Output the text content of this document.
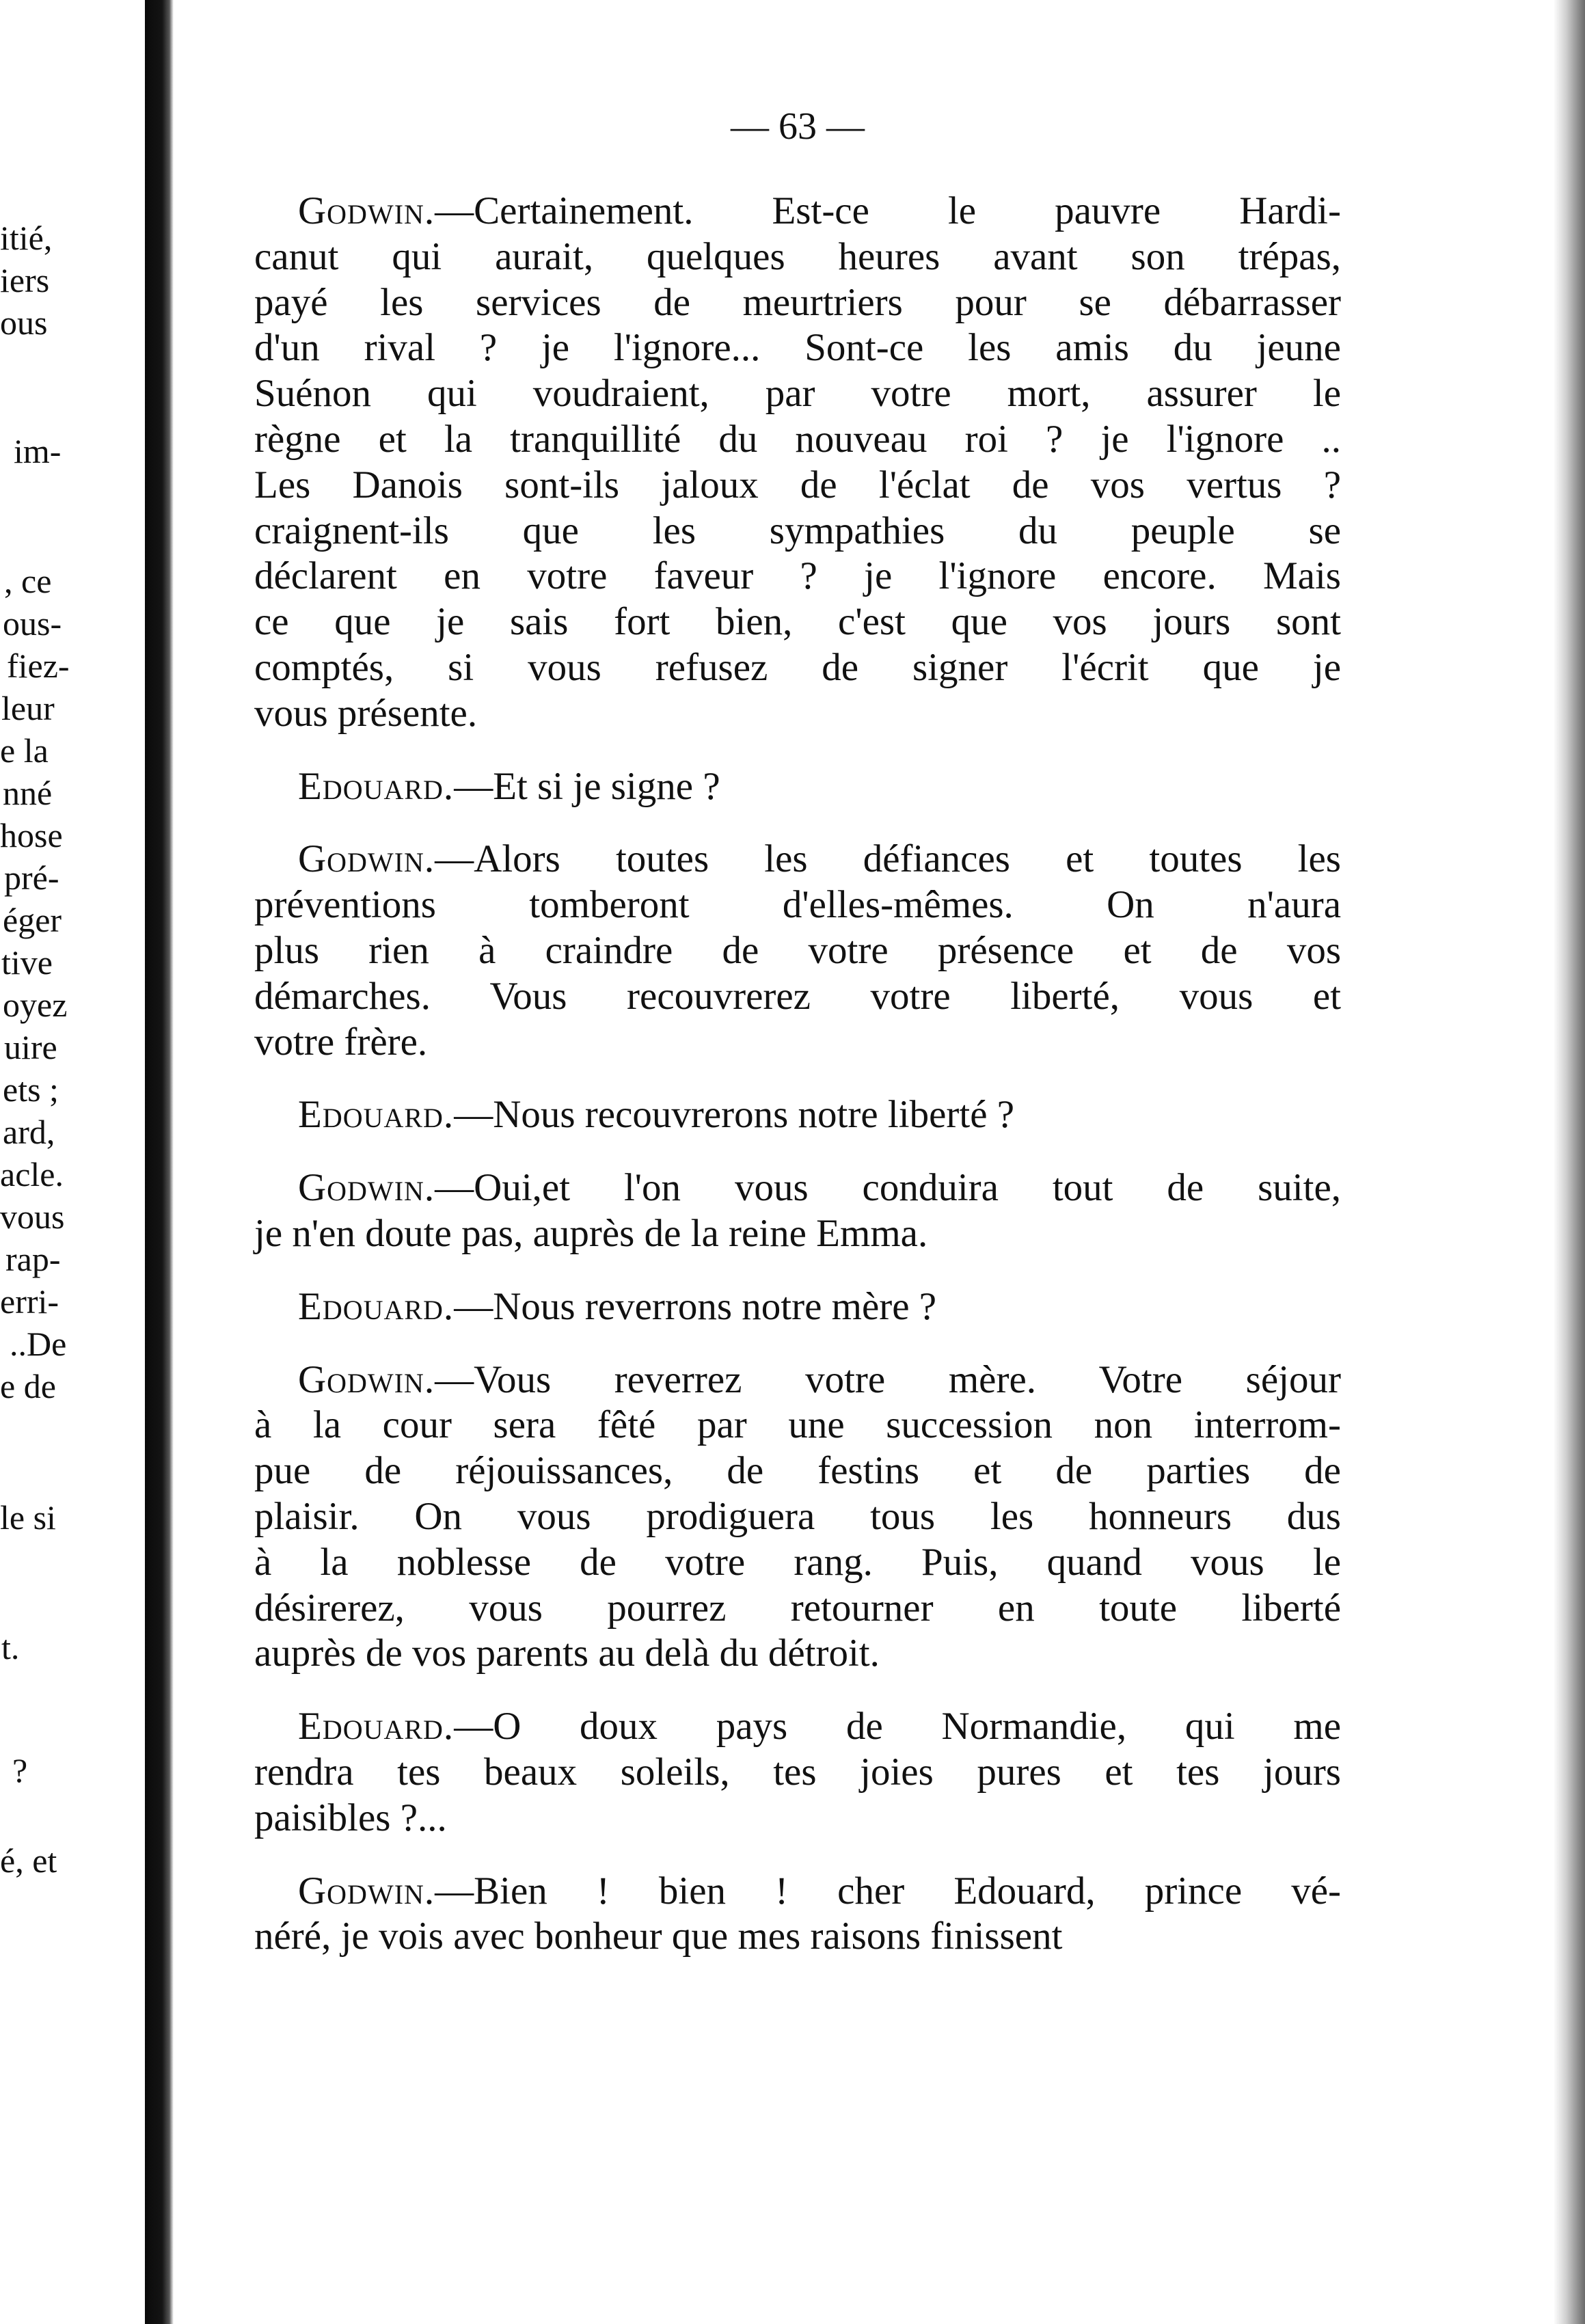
itié,
iers
ous
im-
, ce
ous-
fiez-
leur
e la
nné
hose
pré-
éger
tive
oyez
uire
ets ;
ard,
acle.
vous
rap-
erri-
..De
e de
le si
t.
?
é, et
— 63 —
Godwin.—Certainement. Est-ce le pauvre Hardi-
canut qui aurait, quelques heures avant son trépas,
payé les services de meurtriers pour se débarrasser
d'un rival ? je l'ignore... Sont-ce les amis du jeune
Suénon qui voudraient, par votre mort, assurer le
règne et la tranquillité du nouveau roi ? je l'ignore ..
Les Danois sont-ils jaloux de l'éclat de vos vertus ?
craignent-ils que les sympathies du peuple se
déclarent en votre faveur ? je l'ignore encore. Mais
ce que je sais fort bien, c'est que vos jours sont
comptés, si vous refusez de signer l'écrit que je
vous présente.
Edouard.—Et si je signe ?
Godwin.—Alors toutes les défiances et toutes les
préventions tomberont d'elles-mêmes. On n'aura
plus rien à craindre de votre présence et de vos
démarches. Vous recouvrerez votre liberté, vous et
votre frère.
Edouard.—Nous recouvrerons notre liberté ?
Godwin.—Oui,et l'on vous conduira tout de suite,
je n'en doute pas, auprès de la reine Emma.
Edouard.—Nous reverrons notre mère ?
Godwin.—Vous reverrez votre mère. Votre séjour
à la cour sera fêté par une succession non interrom-
pue de réjouissances, de festins et de parties de
plaisir. On vous prodiguera tous les honneurs dus
à la noblesse de votre rang. Puis, quand vous le
désirerez, vous pourrez retourner en toute liberté
auprès de vos parents au delà du détroit.
Edouard.—O doux pays de Normandie, qui me
rendra tes beaux soleils, tes joies pures et tes jours
paisibles ?...
Godwin.—Bien ! bien ! cher Edouard, prince vé-
néré, je vois avec bonheur que mes raisons finissent
